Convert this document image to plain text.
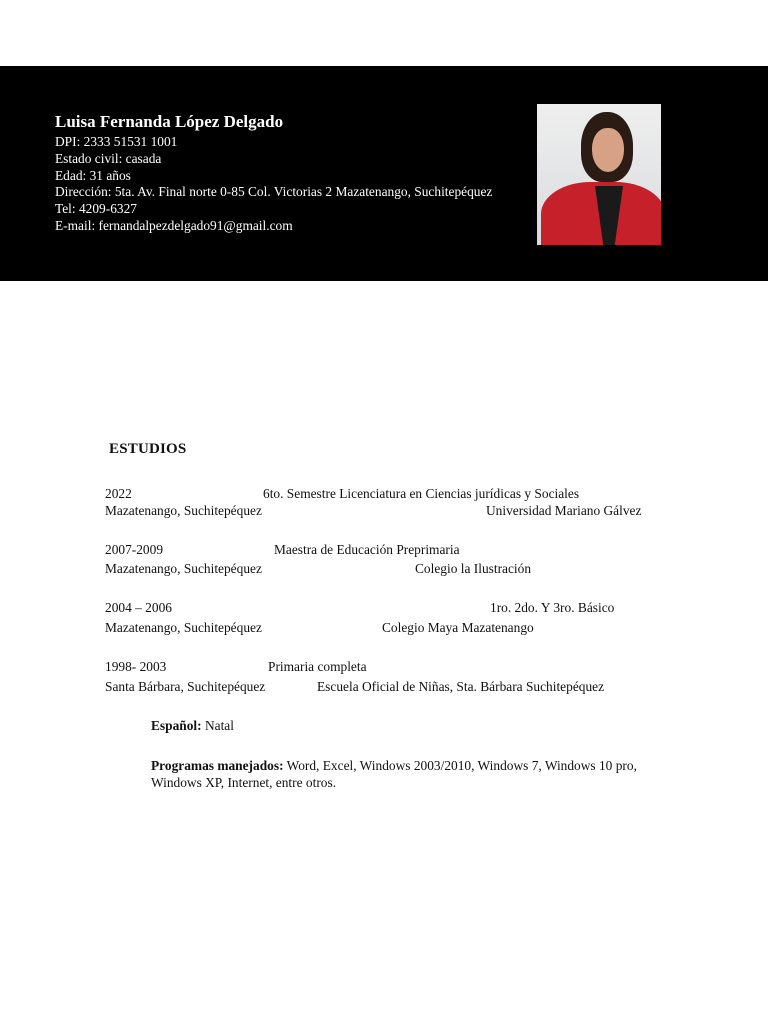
Luisa Fernanda López Delgado
DPI: 2333 51531 1001
Estado civil: casada
Edad: 31 años
Dirección: 5ta. Av. Final norte 0-85 Col. Victorias 2 Mazatenango, Suchitepéquez
Tel: 4209-6327
E-mail: fernandalpezdelgado91@gmail.com
ESTUDIOS
2022	6to. Semestre Licenciatura en Ciencias jurídicas y Sociales
Mazatenango, Suchitepéquez	Universidad Mariano Gálvez
2007-2009	Maestra de Educación Preprimaria
Mazatenango, Suchitepéquez	Colegio la Ilustración
2004 – 2006	1ro. 2do. Y 3ro. Básico
Mazatenango, Suchitepéquez	Colegio Maya Mazatenango
1998- 2003	Primaria completa
Santa Bárbara, Suchitepéquez	Escuela Oficial de Niñas, Sta. Bárbara Suchitepéquez
Español: Natal
Programas manejados: Word, Excel, Windows 2003/2010, Windows 7, Windows 10 pro, Windows XP, Internet, entre otros.
